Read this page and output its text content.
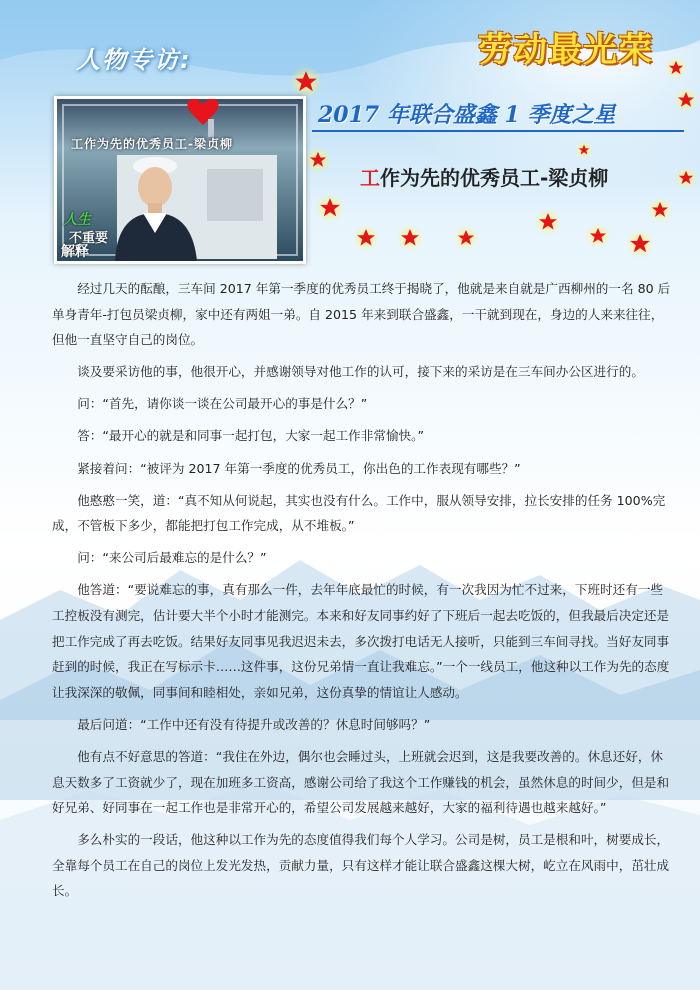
人物专访:	劳动最光荣
2017 年联合盛鑫 1 季度之星
工作为先的优秀员工-梁贞柳
工作为先的优秀员工-梁贞柳
人生
不重要
解释

经过几天的酝酿，三车间 2017 年第一季度的优秀员工终于揭晓了，他就是来自就是广西柳州的一名 80 后单身青年-打包员梁贞柳，家中还有两姐一弟。自 2015 年来到联合盛鑫，一干就到现在，身边的人来来往往，但他一直坚守自己的岗位。

谈及要采访他的事，他很开心，并感谢领导对他工作的认可，接下来的采访是在三车间办公区进行的。

问：“首先，请你谈一谈在公司最开心的事是什么？”

答：“最开心的就是和同事一起打包，大家一起工作非常愉快。”

紧接着问：“被评为 2017 年第一季度的优秀员工，你出色的工作表现有哪些？”

他憨憨一笑，道：“真不知从何说起，其实也没有什么。工作中，服从领导安排，拉长安排的任务 100%完成，不管板下多少，都能把打包工作完成，从不堆板。”

问：“来公司后最难忘的是什么？”

他答道：“要说难忘的事，真有那么一件，去年年底最忙的时候，有一次我因为忙不过来，下班时还有一些工控板没有测完，估计要大半个小时才能测完。本来和好友同事约好了下班后一起去吃饭的，但我最后决定还是把工作完成了再去吃饭。结果好友同事见我迟迟未去，多次拨打电话无人接听，只能到三车间寻找。当好友同事赶到的时候，我正在写标示卡……这件事，这份兄弟情一直让我难忘。”一个一线员工，他这种以工作为先的态度让我深深的敬佩，同事间和睦相处，亲如兄弟，这份真挚的情谊让人感动。

最后问道：“工作中还有没有待提升或改善的？休息时间够吗？”

他有点不好意思的答道：“我住在外边，偶尔也会睡过头，上班就会迟到，这是我要改善的。休息还好，休息天数多了工资就少了，现在加班多工资高，感谢公司给了我这个工作赚钱的机会，虽然休息的时间少，但是和好兄弟、好同事在一起工作也是非常开心的，希望公司发展越来越好，大家的福利待遇也越来越好。”

多么朴实的一段话，他这种以工作为先的态度值得我们每个人学习。公司是树，员工是根和叶，树要成长，全靠每个员工在自己的岗位上发光发热，贡献力量，只有这样才能让联合盛鑫这棵大树，屹立在风雨中，茁壮成长。
